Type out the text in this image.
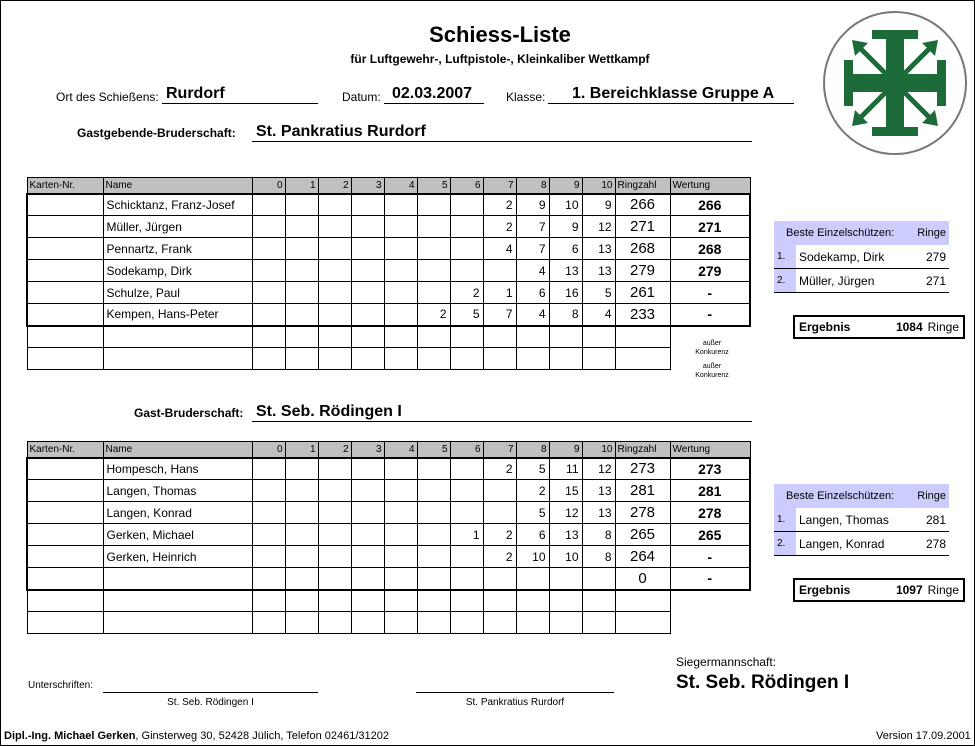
Schiess-Liste
für Luftgewehr-, Luftpistole-, Kleinkaliber Wettkampf
Ort des Schießens: Rurdorf	Datum: 02.03.2007	Klasse:	1. Bereichklasse Gruppe A
Gastgebende-Bruderschaft: St. Pankratius Rurdorf
Karten-Nr.	Name	0	1	2	3	4	5	6	7	8	9	10	Ringzahl	Wertung
	Schicktanz, Franz-Josef								2	9	10	9	266	266
	Müller, Jürgen								2	7	9	12	271	271
	Pennartz, Frank								4	7	6	13	268	268
	Sodekamp, Dirk									4	13	13	279	279
	Schulze, Paul							2	1	6	16	5	261	-
	Kempen, Hans-Peter						2	5	7	4	8	4	233	-

Gast-Bruderschaft: St. Seb. Rödingen I
Karten-Nr.	Name	0	1	2	3	4	5	6	7	8	9	10	Ringzahl	Wertung
	Hompesch, Hans								2	5	11	12	273	273
	Langen, Thomas									2	15	13	281	281
	Langen, Konrad									5	12	13	278	278
	Gerken, Michael							1	2	6	13	8	265	265
	Gerken, Heinrich								2	10	10	8	264	-
													0	-

außer
Konkurenz
außer
Konkurenz
Beste Einzelschützen:		Ringe
1.	Sodekamp, Dirk	279
2.	Müller, Jürgen	271
Ergebnis	1084 Ringe
Beste Einzelschützen:		Ringe
1.	Langen, Thomas	281
2.	Langen, Konrad	278
Ergebnis	1097 Ringe
Siegermannschaft:
St. Seb. Rödingen I
Unterschriften:
St. Seb. Rödingen I	St. Pankratius Rurdorf
Dipl.-Ing. Michael Gerken, Ginsterweg 30, 52428 Jülich, Telefon 02461/31202	Version 17.09.2001
